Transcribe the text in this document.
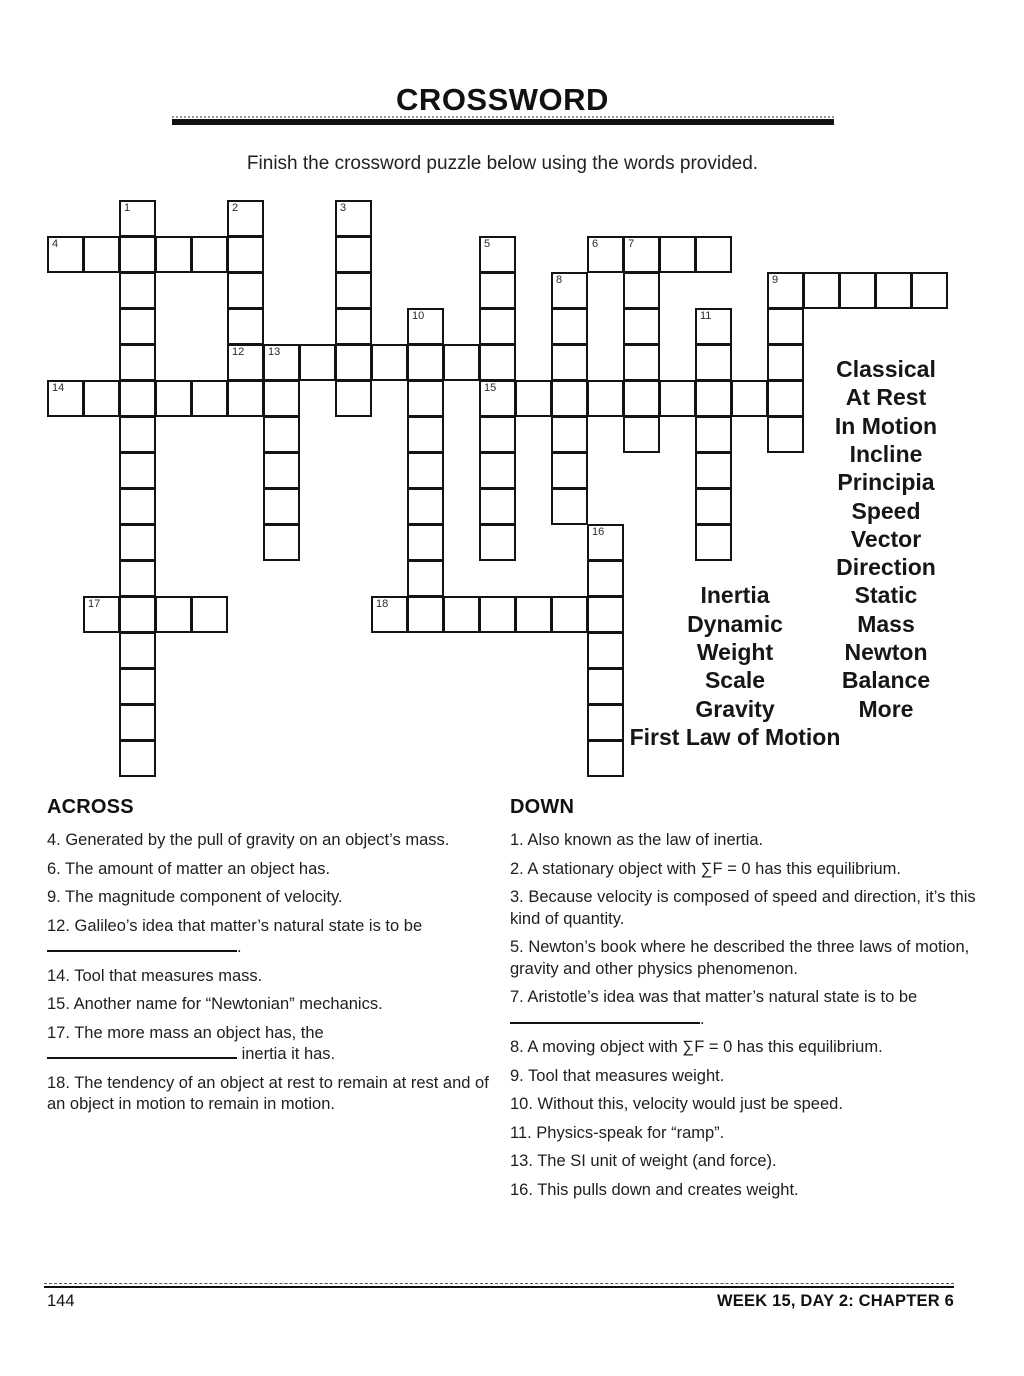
CROSSWORD
Finish the crossword puzzle below using the words provided.
1	2	3
4	5	6	7
8	9
10	11
12 13
14	15
16
17	18
Classical
At Rest
In Motion
Incline
Principia
Speed
Vector
Direction
Inertia	Static
Dynamic	Mass
Weight	Newton
Scale	Balance
Gravity	More
First Law of Motion
ACROSS
4. Generated by the pull of gravity on an object’s mass.
6. The amount of matter an object has.
9. The magnitude component of velocity.
12. Galileo’s idea that matter’s natural state is to be
.
14. Tool that measures mass.
15. Another name for “Newtonian” mechanics.
17. The more mass an object has, the
inertia it has.
18. The tendency of an object at rest to remain at rest and of an object in motion to remain in motion.
DOWN
1. Also known as the law of inertia.
2. A stationary object with ∑F = 0 has this equilibrium.
3. Because velocity is composed of speed and direction, it’s this kind of quantity.
5. Newton’s book where he described the three laws of motion, gravity and other physics phenomenon.
7. Aristotle’s idea was that matter’s natural state is to be
.
8. A moving object with ∑F = 0 has this equilibrium.
9. Tool that measures weight.
10. Without this, velocity would just be speed.
11. Physics-speak for “ramp”.
13. The SI unit of weight (and force).
16. This pulls down and creates weight.
144	WEEK 15, DAY 2: CHAPTER 6
